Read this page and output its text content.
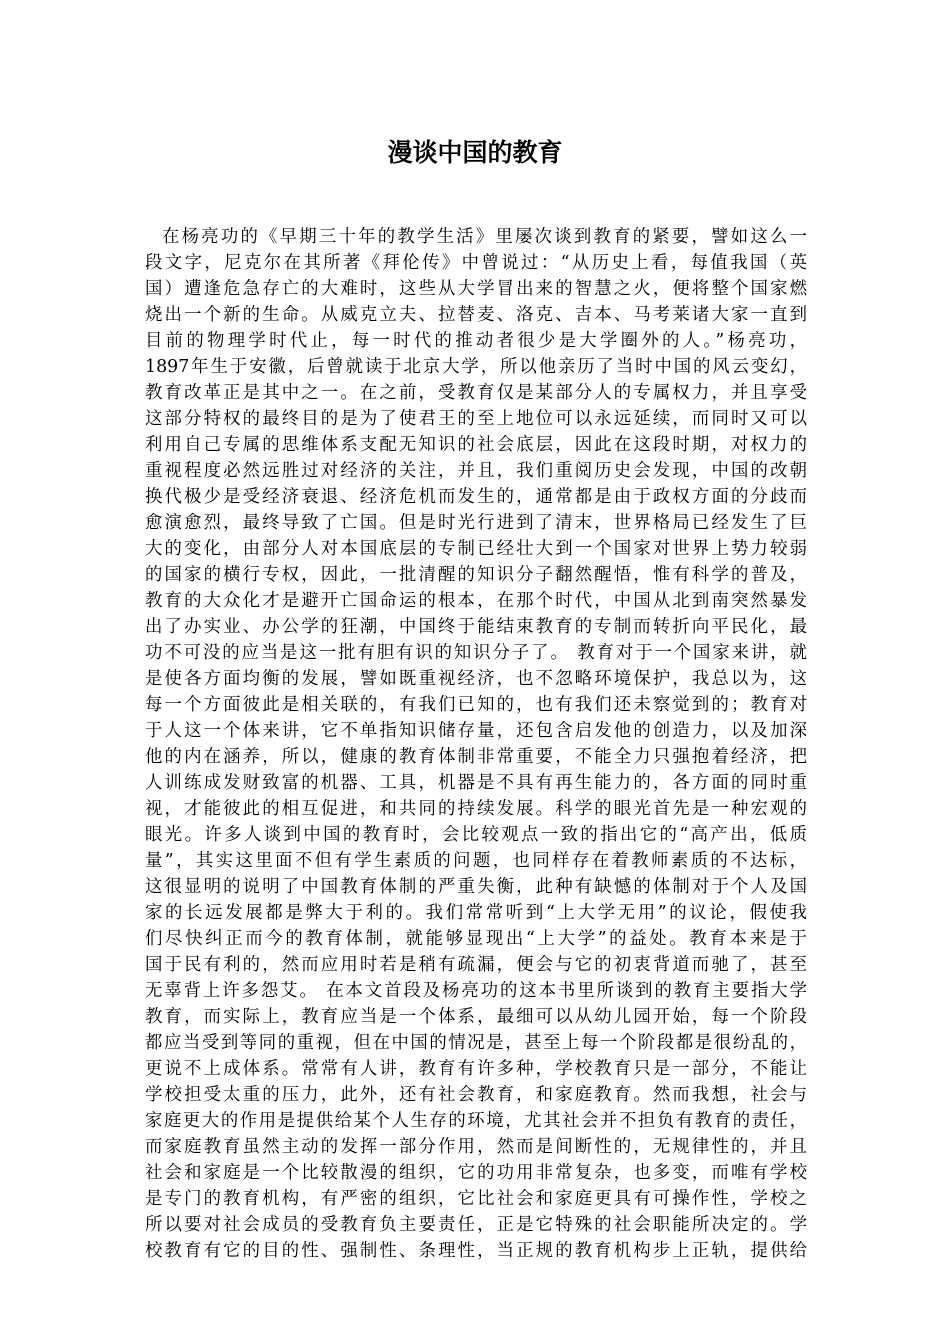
漫谈中国的教育
在杨亮功的《早期三十年的教学生活》里屡次谈到教育的紧要，譬如这么一
段文字，尼克尔在其所著《拜伦传》中曾说过：“从历史上看，每值我国（英
国）遭逢危急存亡的大难时，这些从大学冒出来的智慧之火，便将整个国家燃
烧出一个新的生命。从威克立夫、拉替麦、洛克、吉本、马考莱诸大家一直到
目前的物理学时代止，每一时代的推动者很少是大学圈外的人。”杨亮功，
1897年生于安徽，后曾就读于北京大学，所以他亲历了当时中国的风云变幻，
教育改革正是其中之一。在之前，受教育仅是某部分人的专属权力，并且享受
这部分特权的最终目的是为了使君王的至上地位可以永远延续，而同时又可以
利用自己专属的思维体系支配无知识的社会底层，因此在这段时期，对权力的
重视程度必然远胜过对经济的关注，并且，我们重阅历史会发现，中国的改朝
换代极少是受经济衰退、经济危机而发生的，通常都是由于政权方面的分歧而
愈演愈烈，最终导致了亡国。但是时光行进到了清末，世界格局已经发生了巨
大的变化，由部分人对本国底层的专制已经壮大到一个国家对世界上势力较弱
的国家的横行专权，因此，一批清醒的知识分子翻然醒悟，惟有科学的普及，
教育的大众化才是避开亡国命运的根本，在那个时代，中国从北到南突然暴发
出了办实业、办公学的狂潮，中国终于能结束教育的专制而转折向平民化，最
功不可没的应当是这一批有胆有识的知识分子了。 教育对于一个国家来讲，就
是使各方面均衡的发展，譬如既重视经济，也不忽略环境保护，我总以为，这
每一个方面彼此是相关联的，有我们已知的，也有我们还未察觉到的；教育对
于人这一个体来讲，它不单指知识储存量，还包含启发他的创造力，以及加深
他的内在涵养，所以，健康的教育体制非常重要，不能全力只强抱着经济，把
人训练成发财致富的机器、工具，机器是不具有再生能力的，各方面的同时重
视，才能彼此的相互促进，和共同的持续发展。科学的眼光首先是一种宏观的
眼光。许多人谈到中国的教育时，会比较观点一致的指出它的“高产出，低质
量”，其实这里面不但有学生素质的问题，也同样存在着教师素质的不达标，
这很显明的说明了中国教育体制的严重失衡，此种有缺憾的体制对于个人及国
家的长远发展都是弊大于利的。我们常常听到“上大学无用”的议论，假使我
们尽快纠正而今的教育体制，就能够显现出“上大学”的益处。教育本来是于
国于民有利的，然而应用时若是稍有疏漏，便会与它的初衷背道而驰了，甚至
无辜背上许多怨艾。 在本文首段及杨亮功的这本书里所谈到的教育主要指大学
教育，而实际上，教育应当是一个体系，最细可以从幼儿园开始，每一个阶段
都应当受到等同的重视，但在中国的情况是，甚至上每一个阶段都是很纷乱的，
更说不上成体系。常常有人讲，教育有许多种，学校教育只是一部分，不能让
学校担受太重的压力，此外，还有社会教育，和家庭教育。然而我想，社会与
家庭更大的作用是提供给某个人生存的环境，尤其社会并不担负有教育的责任，
而家庭教育虽然主动的发挥一部分作用，然而是间断性的，无规律性的，并且
社会和家庭是一个比较散漫的组织，它的功用非常复杂，也多变，而唯有学校
是专门的教育机构，有严密的组织，它比社会和家庭更具有可操作性，学校之
所以要对社会成员的受教育负主要责任，正是它特殊的社会职能所决定的。学
校教育有它的目的性、强制性、条理性，当正规的教育机构步上正轨，提供给
